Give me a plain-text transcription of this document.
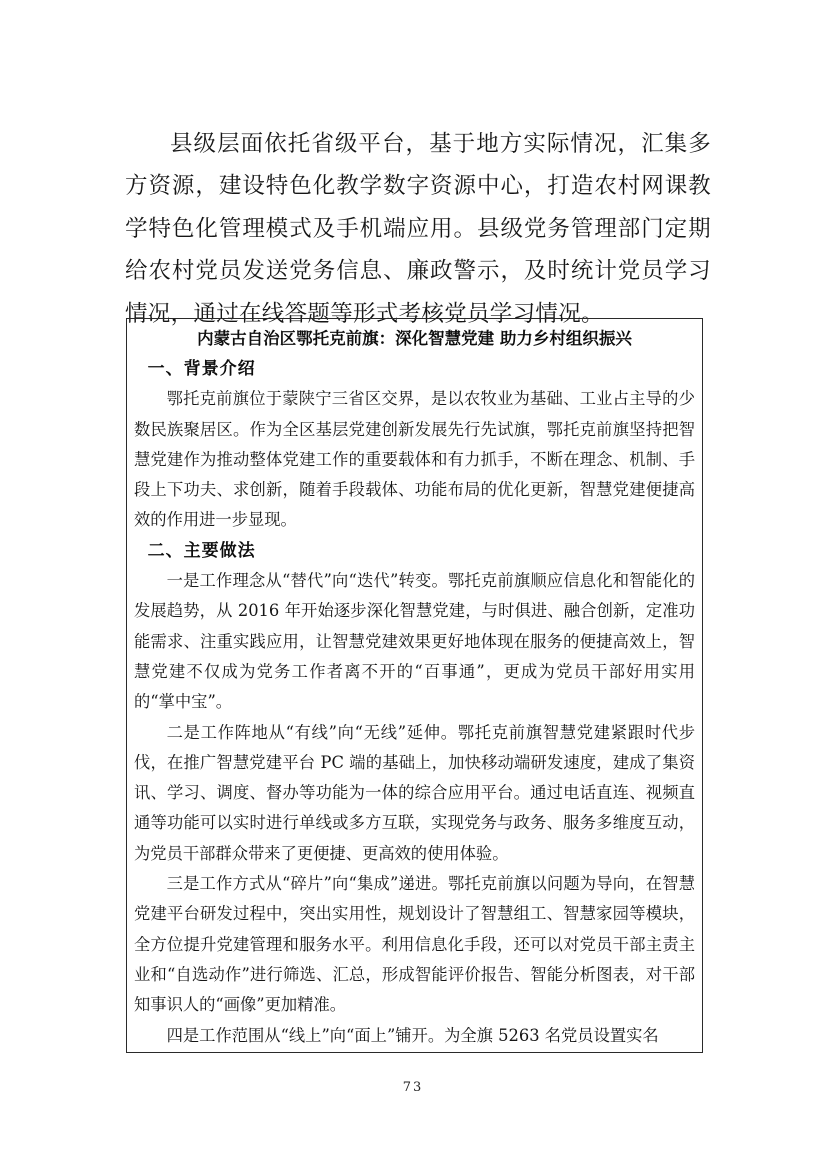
县级层面依托省级平台，基于地方实际情况，汇集多方资源，建设特色化教学数字资源中心，打造农村网课教学特色化管理模式及手机端应用。县级党务管理部门定期给农村党员发送党务信息、廉政警示，及时统计党员学习情况，通过在线答题等形式考核党员学习情况。

内蒙古自治区鄂托克前旗：深化智慧党建 助力乡村组织振兴
一、背景介绍

鄂托克前旗位于蒙陕宁三省区交界，是以农牧业为基础、工业占主导的少数民族聚居区。作为全区基层党建创新发展先行先试旗，鄂托克前旗坚持把智慧党建作为推动整体党建工作的重要载体和有力抓手，不断在理念、机制、手段上下功夫、求创新，随着手段载体、功能布局的优化更新，智慧党建便捷高效的作用进一步显现。

二、主要做法

一是工作理念从“替代”向“迭代”转变。鄂托克前旗顺应信息化和智能化的发展趋势，从 2016 年开始逐步深化智慧党建，与时俱进、融合创新，定准功能需求、注重实践应用，让智慧党建效果更好地体现在服务的便捷高效上，智慧党建不仅成为党务工作者离不开的“百事通”，更成为党员干部好用实用的“掌中宝”。

二是工作阵地从“有线”向“无线”延伸。鄂托克前旗智慧党建紧跟时代步伐，在推广智慧党建平台 PC 端的基础上，加快移动端研发速度，建成了集资讯、学习、调度、督办等功能为一体的综合应用平台。通过电话直连、视频直通等功能可以实时进行单线或多方互联，实现党务与政务、服务多维度互动，为党员干部群众带来了更便捷、更高效的使用体验。

三是工作方式从“碎片”向“集成”递进。鄂托克前旗以问题为导向，在智慧党建平台研发过程中，突出实用性，规划设计了智慧组工、智慧家园等模块，全方位提升党建管理和服务水平。利用信息化手段，还可以对党员干部主责主业和“自选动作”进行筛选、汇总，形成智能评价报告、智能分析图表，对干部知事识人的“画像”更加精准。

四是工作范围从“线上”向“面上”铺开。为全旗 5263 名党员设置实名

73
